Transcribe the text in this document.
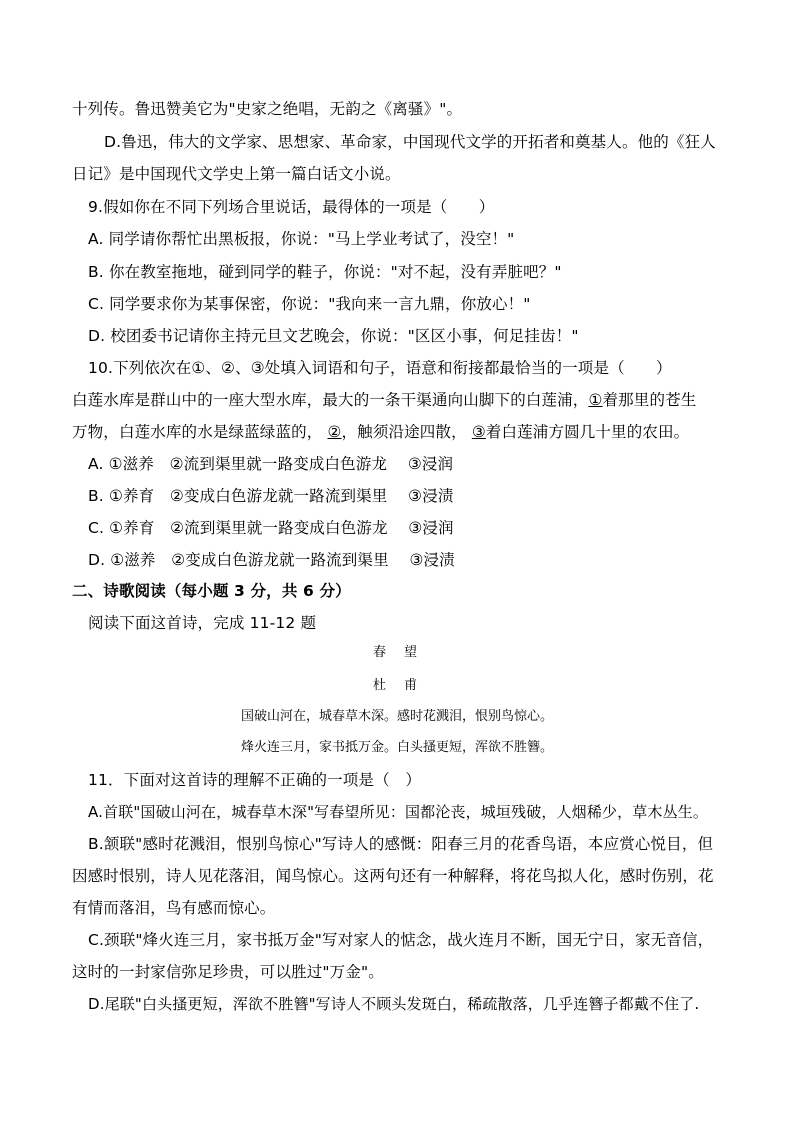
十列传。鲁迅赞美它为"史家之绝唱，无韵之《离骚》"。
D.鲁迅，伟大的文学家、思想家、革命家，中国现代文学的开拓者和奠基人。他的《狂人
日记》是中国现代文学史上第一篇白话文小说。
9.假如你在不同下列场合里说话，最得体的一项是（　　）
A. 同学请你帮忙出黑板报，你说："马上学业考试了，没空！"
B. 你在教室拖地，碰到同学的鞋子，你说："对不起，没有弄脏吧？"
C. 同学要求你为某事保密，你说："我向来一言九鼎，你放心！"
D. 校团委书记请你主持元旦文艺晚会，你说："区区小事，何足挂齿！"
10.下列依次在①、②、③处填入词语和句子，语意和衔接都最恰当的一项是（　　）
白莲水库是群山中的一座大型水库，最大的一条干渠通向山脚下的白莲浦，①着那里的苍生
万物，白莲水库的水是绿蓝绿蓝的， ②，触须沿途四散， ③着白莲浦方圆几十里的农田。
A. ①滋养　②流到渠里就一路变成白色游龙　 ③浸润
B. ①养育　②变成白色游龙就一路流到渠里　 ③浸渍
C. ①养育　②流到渠里就一路变成白色游龙　 ③浸润
D. ①滋养　②变成白色游龙就一路流到渠里　 ③浸渍
二、诗歌阅读（每小题 3 分，共 6 分）
阅读下面这首诗，完成 11-12 题
春望
杜甫
国破山河在，城春草木深。感时花溅泪，恨别鸟惊心。
烽火连三月，家书抵万金。白头搔更短，浑欲不胜簪。
11．下面对这首诗的理解不正确的一项是（　）
A.首联"国破山河在，城春草木深"写春望所见：国都沦丧，城垣残破，人烟稀少，草木丛生。
B.颔联"感时花溅泪，恨别鸟惊心"写诗人的感慨：阳春三月的花香鸟语，本应赏心悦目，但
因感时恨别，诗人见花落泪，闻鸟惊心。这两句还有一种解释，将花鸟拟人化，感时伤别，花
有情而落泪，鸟有感而惊心。
C.颈联"烽火连三月，家书抵万金"写对家人的惦念，战火连月不断，国无宁日，家无音信，
这时的一封家信弥足珍贵，可以胜过"万金"。
D.尾联"白头搔更短，浑欲不胜簪"写诗人不顾头发斑白，稀疏散落，几乎连簪子都戴不住了.
